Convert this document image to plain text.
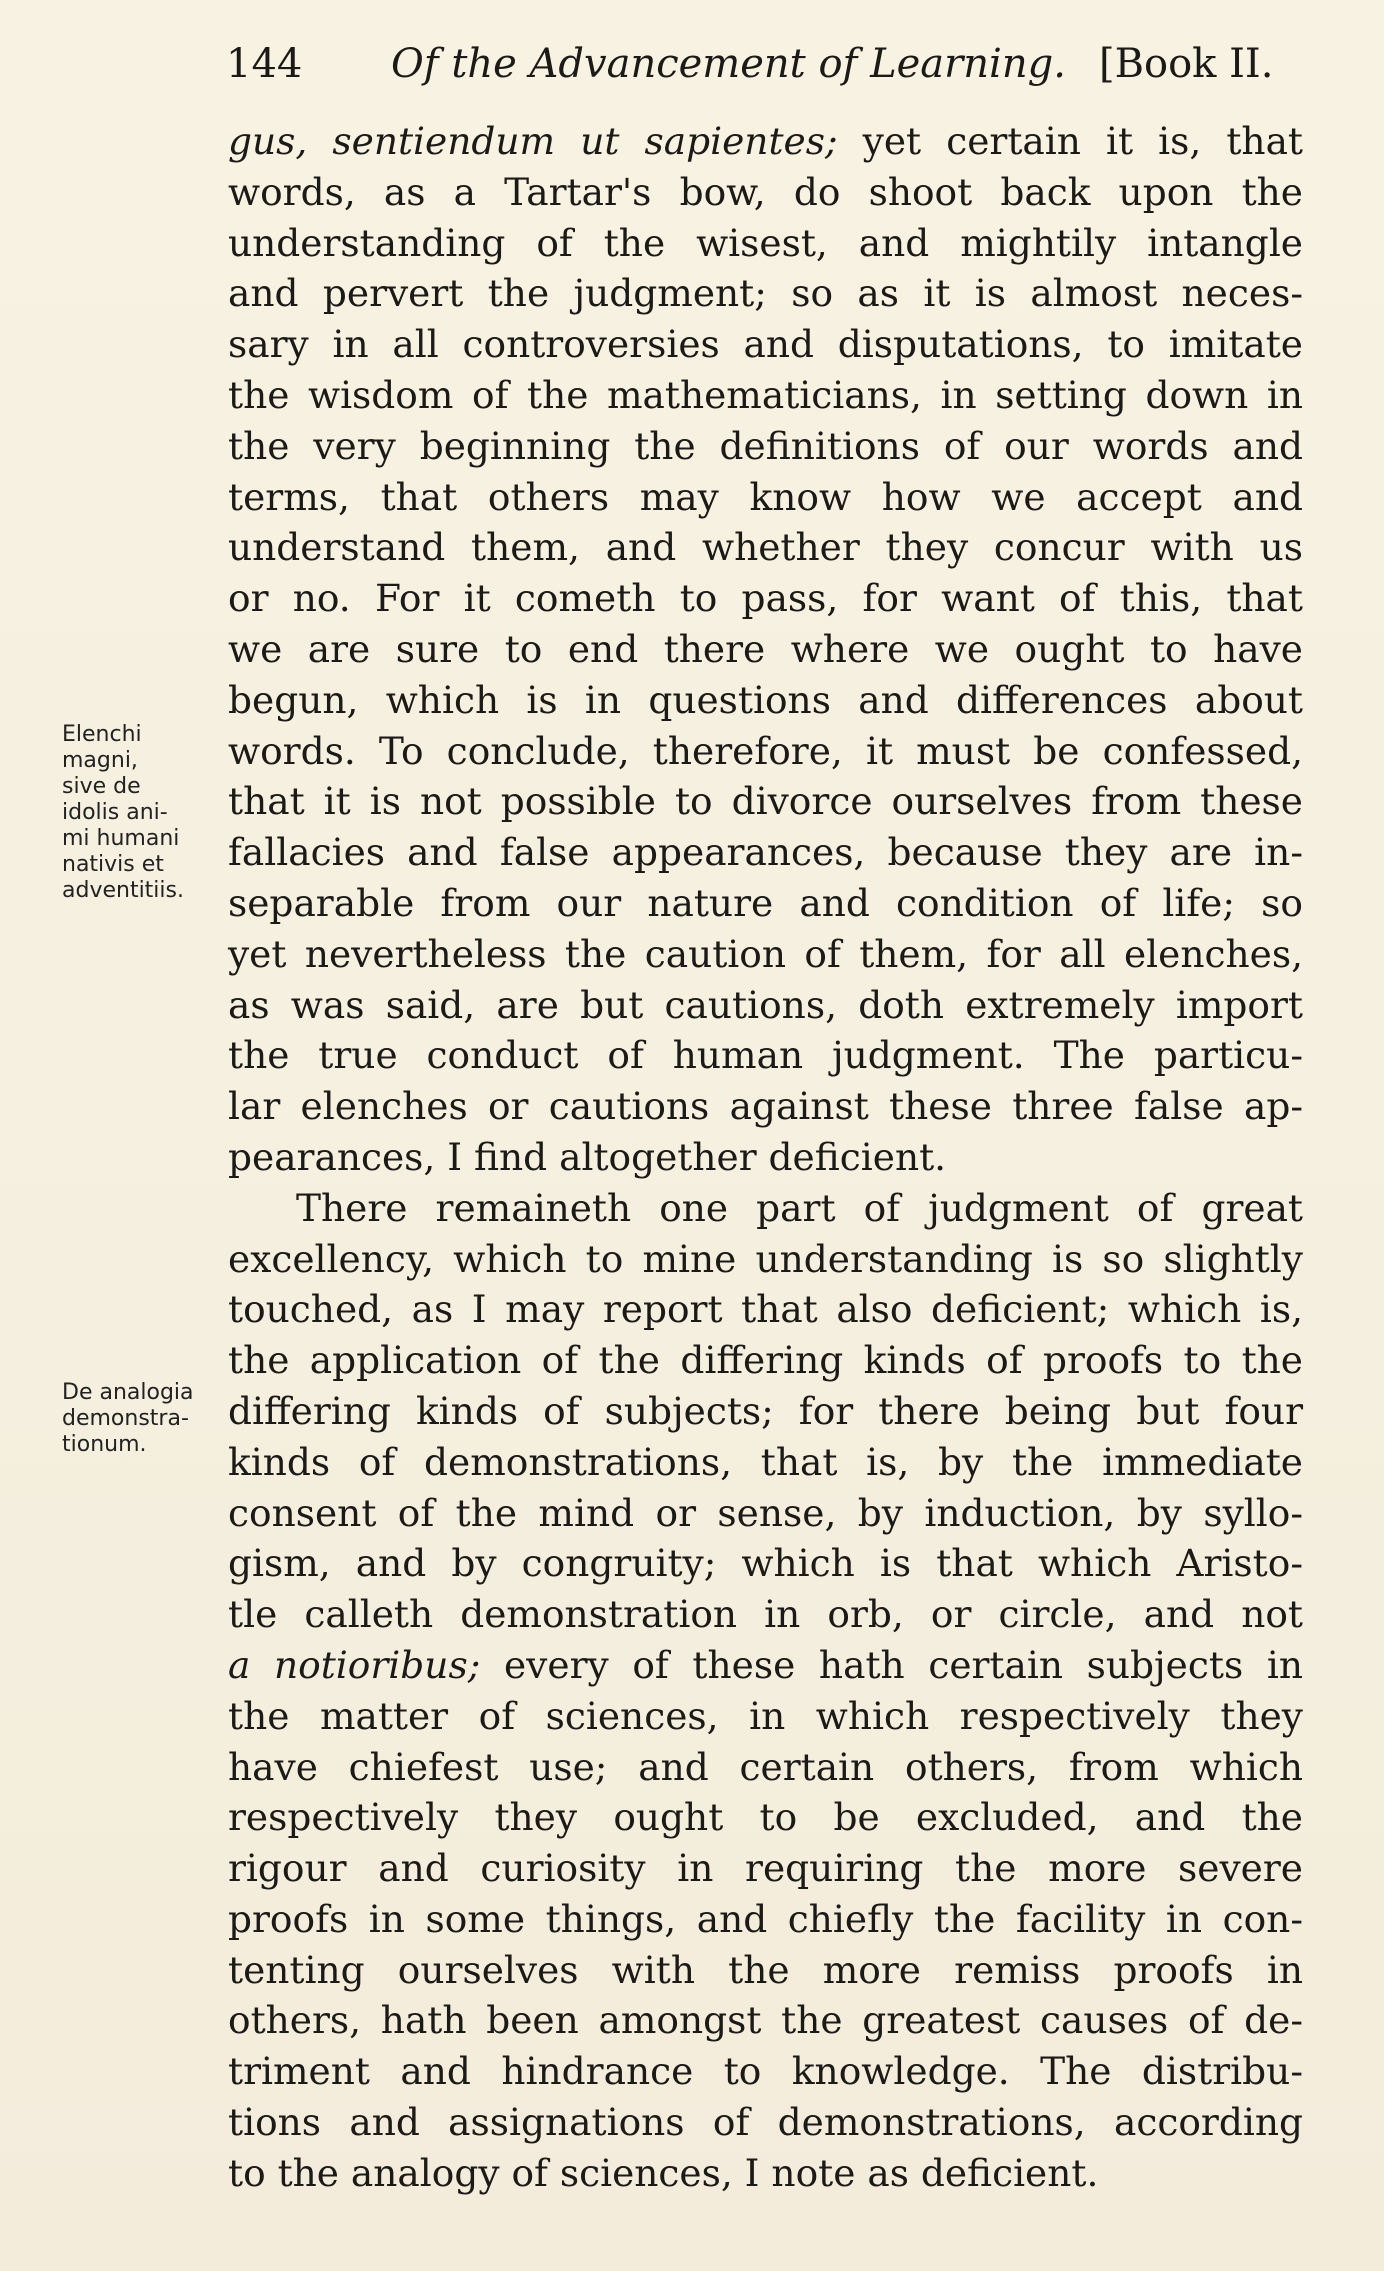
144 Of the Advancement of Learning. [Book II.
Elenchi
magni,
sive de
idolis ani-
mi humani
nativis et
adventitiis.
De analogia
demonstra-
tionum.
gus, sentiendum ut sapientes; yet certain it is, that
words, as a Tartar's bow, do shoot back upon the
understanding of the wisest, and mightily intangle
and pervert the judgment; so as it is almost neces-
sary in all controversies and disputations, to imitate
the wisdom of the mathematicians, in setting down in
the very beginning the definitions of our words and
terms, that others may know how we accept and
understand them, and whether they concur with us
or no. For it cometh to pass, for want of this, that
we are sure to end there where we ought to have
begun, which is in questions and differences about
words. To conclude, therefore, it must be confessed,
that it is not possible to divorce ourselves from these
fallacies and false appearances, because they are in-
separable from our nature and condition of life; so
yet nevertheless the caution of them, for all elenches,
as was said, are but cautions, doth extremely import
the true conduct of human judgment. The particu-
lar elenches or cautions against these three false ap-
pearances, I find altogether deficient.
There remaineth one part of judgment of great
excellency, which to mine understanding is so slightly
touched, as I may report that also deficient; which is,
the application of the differing kinds of proofs to the
differing kinds of subjects; for there being but four
kinds of demonstrations, that is, by the immediate
consent of the mind or sense, by induction, by syllo-
gism, and by congruity; which is that which Aristo-
tle calleth demonstration in orb, or circle, and not
a notioribus; every of these hath certain subjects in
the matter of sciences, in which respectively they
have chiefest use; and certain others, from which
respectively they ought to be excluded, and the
rigour and curiosity in requiring the more severe
proofs in some things, and chiefly the facility in con-
tenting ourselves with the more remiss proofs in
others, hath been amongst the greatest causes of de-
triment and hindrance to knowledge. The distribu-
tions and assignations of demonstrations, according
to the analogy of sciences, I note as deficient.
